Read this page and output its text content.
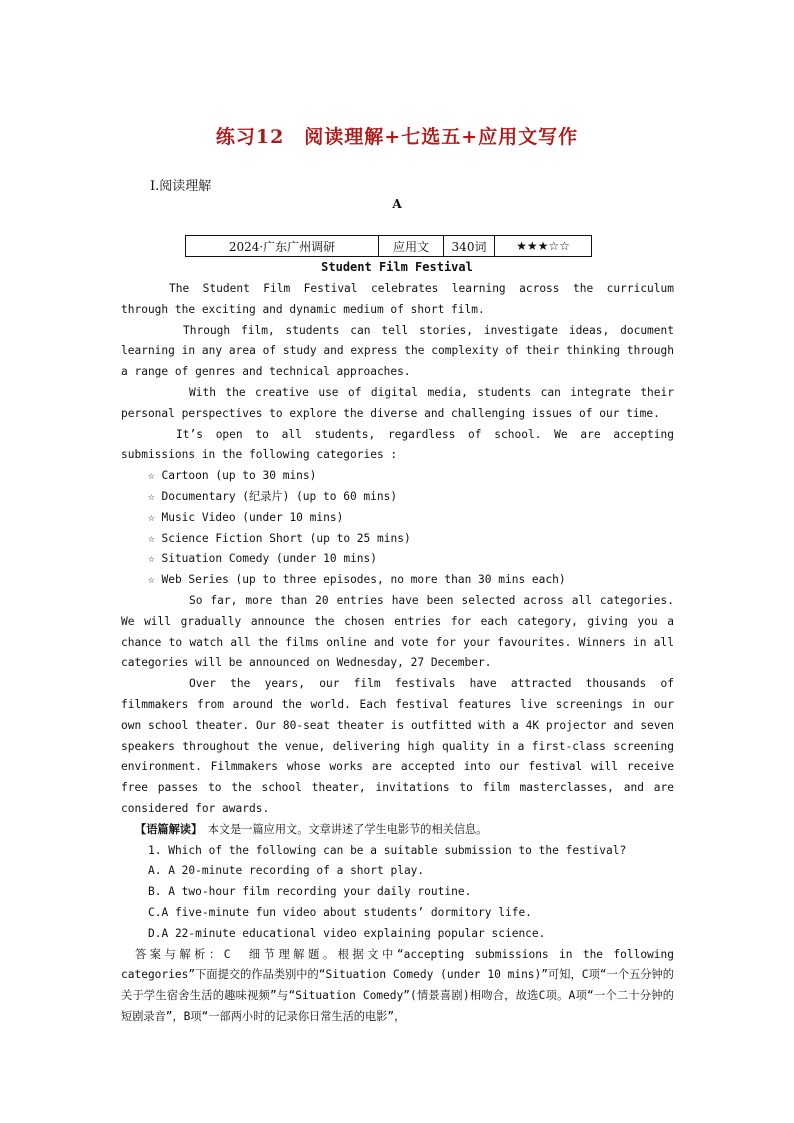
练习12　阅读理解+七选五+应用文写作
Ⅰ.阅读理解
A
2024·广东广州调研	应用文	340词	★★★☆☆
Student Film Festival

The Student Film Festival celebrates learning across the curriculum through the exciting and dynamic medium of short film.

Through film, students can tell stories, investigate ideas, document learning in any area of study and express the complexity of their thinking through a range of genres and technical approaches.

With the creative use of digital media, students can integrate their personal perspectives to explore the diverse and challenging issues of our time.

It’s open to all students, regardless of school. We are accepting submissions in the following categories :

☆ Cartoon (up to 30 mins)

☆ Documentary (纪录片) (up to 60 mins)

☆ Music Video (under 10 mins)

☆ Science Fiction Short (up to 25 mins)

☆ Situation Comedy (under 10 mins)

☆ Web Series (up to three episodes, no more than 30 mins each)

So far, more than 20 entries have been selected across all categories. We will gradually announce the chosen entries for each category, giving you a chance to watch all the films online and vote for your favourites. Winners in all categories will be announced on Wednesday, 27 December.

Over the years, our film festivals have attracted thousands of filmmakers from around the world. Each festival features live screenings in our own school theater. Our 80-seat theater is outfitted with a 4K projector and seven speakers throughout the venue, delivering high quality in a first-class screening environment. Filmmakers whose works are accepted into our festival will receive free passes to the school theater, invitations to film masterclasses, and are considered for awards.

【语篇解读】　本文是一篇应用文。文章讲述了学生电影节的相关信息。

1. Which of the following can be a suitable submission to the festival?

A. A 20-minute recording of a short play.

B. A two-hour film recording your daily routine.

C.A five-minute fun video about students’ dormitory life.

D.A 22-minute educational video explaining popular science.

答案与解析：C　细节理解题。根据文中“accepting submissions in the following categories”下面提交的作品类别中的“Situation Comedy (under 10 mins)”可知，C项“一个五分钟的关于学生宿舍生活的趣味视频”与“Situation Comedy”(情景喜剧)相吻合，故选C项。A项“一个二十分钟的短剧录音”，B项“一部两小时的记录你日常生活的电影”，
